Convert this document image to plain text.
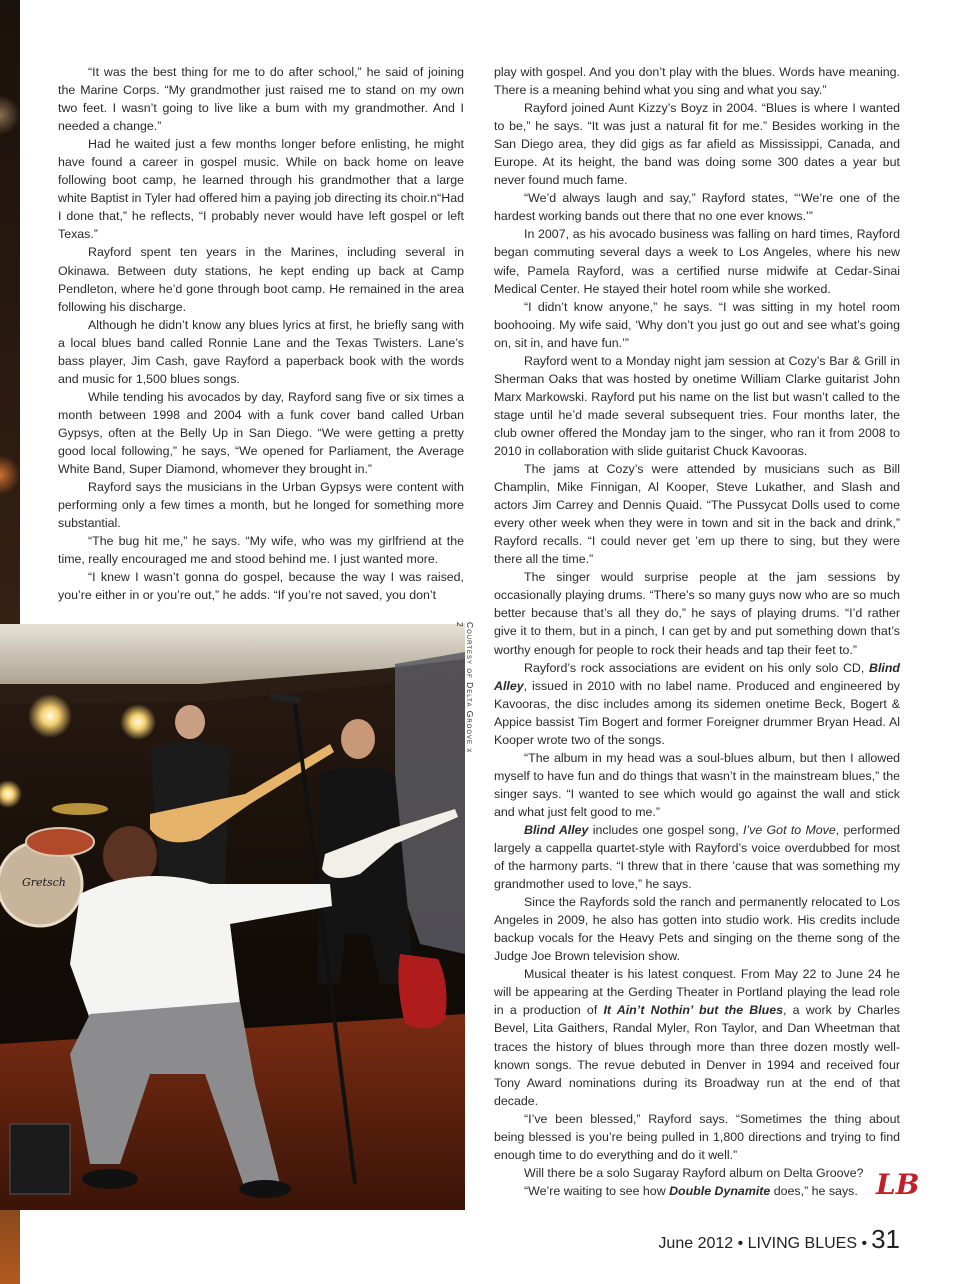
“It was the best thing for me to do after school,” he said of joining the Marine Corps. “My grandmother just raised me to stand on my own two feet. I wasn’t going to live like a bum with my grandmother. And I needed a change.”

Had he waited just a few months longer before enlisting, he might have found a career in gospel music. While on back home on leave following boot camp, he learned through his grandmother that a large white Baptist in Tyler had offered him a paying job directing its choir.n“Had I done that,” he reflects, “I probably never would have left gospel or left Texas.”

Rayford spent ten years in the Marines, including several in Okinawa. Between duty stations, he kept ending up back at Camp Pendleton, where he’d gone through boot camp. He remained in the area following his discharge.

Although he didn’t know any blues lyrics at first, he briefly sang with a local blues band called Ronnie Lane and the Texas Twisters. Lane’s bass player, Jim Cash, gave Rayford a paperback book with the words and music for 1,500 blues songs.

While tending his avocados by day, Rayford sang five or six times a month between 1998 and 2004 with a funk cover band called Urban Gypsys, often at the Belly Up in San Diego. “We were getting a pretty good local following,” he says, “We opened for Parliament, the Average White Band, Super Diamond, whomever they brought in.”

Rayford says the musicians in the Urban Gypsys were content with performing only a few times a month, but he longed for something more substantial.

“The bug hit me,” he says. “My wife, who was my girlfriend at the time, really encouraged me and stood behind me. I just wanted more.

“I knew I wasn’t gonna do gospel, because the way I was raised, you’re either in or you’re out,” he adds. “If you’re not saved, you don’t

play with gospel. And you don’t play with the blues. Words have meaning. There is a meaning behind what you sing and what you say.”

Rayford joined Aunt Kizzy’s Boyz in 2004. “Blues is where I wanted to be,” he says. “It was just a natural fit for me.” Besides working in the San Diego area, they did gigs as far afield as Mississippi, Canada, and Europe. At its height, the band was doing some 300 dates a year but never found much fame.

“We’d always laugh and say,” Rayford states, “‘We’re one of the hardest working bands out there that no one ever knows.’”

In 2007, as his avocado business was falling on hard times, Rayford began commuting several days a week to Los Angeles, where his new wife, Pamela Rayford, was a certified nurse midwife at Cedar-Sinai Medical Center. He stayed their hotel room while she worked.

“I didn’t know anyone,” he says. “I was sitting in my hotel room boohooing. My wife said, ‘Why don’t you just go out and see what’s going on, sit in, and have fun.’”

Rayford went to a Monday night jam session at Cozy’s Bar & Grill in Sherman Oaks that was hosted by onetime William Clarke guitarist John Marx Markowski. Rayford put his name on the list but wasn’t called to the stage until he’d made several subsequent tries. Four months later, the club owner offered the Monday jam to the singer, who ran it from 2008 to 2010 in collaboration with slide guitarist Chuck Kavooras.

The jams at Cozy’s were attended by musicians such as Bill Champlin, Mike Finnigan, Al Kooper, Steve Lukather, and Slash and actors Jim Carrey and Dennis Quaid. “The Pussycat Dolls used to come every other week when they were in town and sit in the back and drink,” Rayford recalls. “I could never get ’em up there to sing, but they were there all the time.”

The singer would surprise people at the jam sessions by occasionally playing drums. “There’s so many guys now who are so much better because that’s all they do,” he says of playing drums. “I’d rather give it to them, but in a pinch, I can get by and put something down that’s worthy enough for people to rock their heads and tap their feet to.”

Rayford’s rock associations are evident on his only solo CD, Blind Alley, issued in 2010 with no label name. Produced and engineered by Kavooras, the disc includes among its sidemen onetime Beck, Bogert & Appice bassist Tim Bogert and former Foreigner drummer Bryan Head. Al Kooper wrote two of the songs.

“The album in my head was a soul-blues album, but then I allowed myself to have fun and do things that wasn’t in the mainstream blues,” the singer says. “I wanted to see which would go against the wall and stick and what just felt good to me.”

Blind Alley includes one gospel song, I’ve Got to Move, performed largely a cappella quartet-style with Rayford’s voice overdubbed for most of the harmony parts. “I threw that in there ’cause that was something my grandmother used to love,” he says.

Since the Rayfords sold the ranch and permanently relocated to Los Angeles in 2009, he also has gotten into studio work. His credits include backup vocals for the Heavy Pets and singing on the theme song of the Judge Joe Brown television show.

Musical theater is his latest conquest. From May 22 to June 24 he will be appearing at the Gerding Theater in Portland playing the lead role in a production of It Ain’t Nothin’ but the Blues, a work by Charles Bevel, Lita Gaithers, Randal Myler, Ron Taylor, and Dan Wheetman that traces the history of blues through more than three dozen mostly well-known songs. The revue debuted in Denver in 1994 and received four Tony Award nominations during its Broadway run at the end of that decade.

“I’ve been blessed,” Rayford says. “Sometimes the thing about being blessed is you’re being pulled in 1,800 directions and trying to find enough time to do everything and do it well.”

Will there be a solo Sugaray Rayford album on Delta Groove?

“We’re waiting to see how Double Dynamite does,” he says.

Gretsch
Courtesy of Delta Groove x 2
LB
June 2012 • LIVING BLUES • 31
